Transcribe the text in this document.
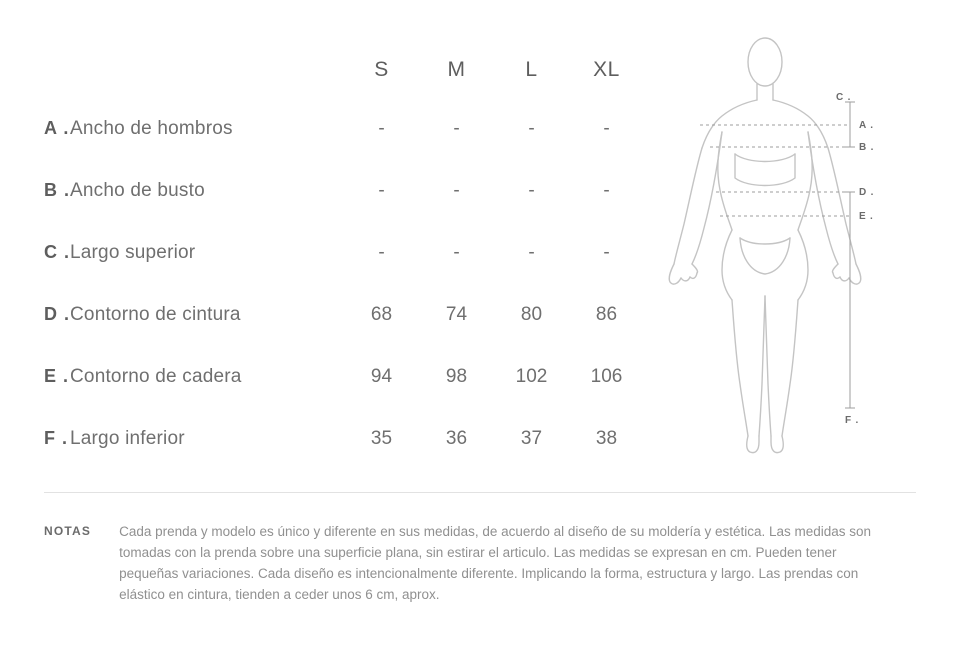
	S	M	L	XL
A .Ancho de hombros	-	-	-	-
B .Ancho de busto	-	-	-	-
C .Largo superior	-	-	-	-
D .Contorno de cintura	68	74	80	86
E .Contorno de cadera	94	98	102	106
F . Largo inferior	35	36	37	38
C .
A .
B .
D .
E .
F .
NOTAS Cada prenda y modelo es único y diferente en sus medidas, de acuerdo al diseño de su moldería y estética. Las medidas son tomadas con la prenda sobre una superficie plana, sin estirar el articulo. Las medidas se expresan en cm. Pueden tener pequeñas variaciones. Cada diseño es intencionalmente diferente. Implicando la forma, estructura y largo. Las prendas con elástico en cintura, tienden a ceder unos 6 cm, aprox.
